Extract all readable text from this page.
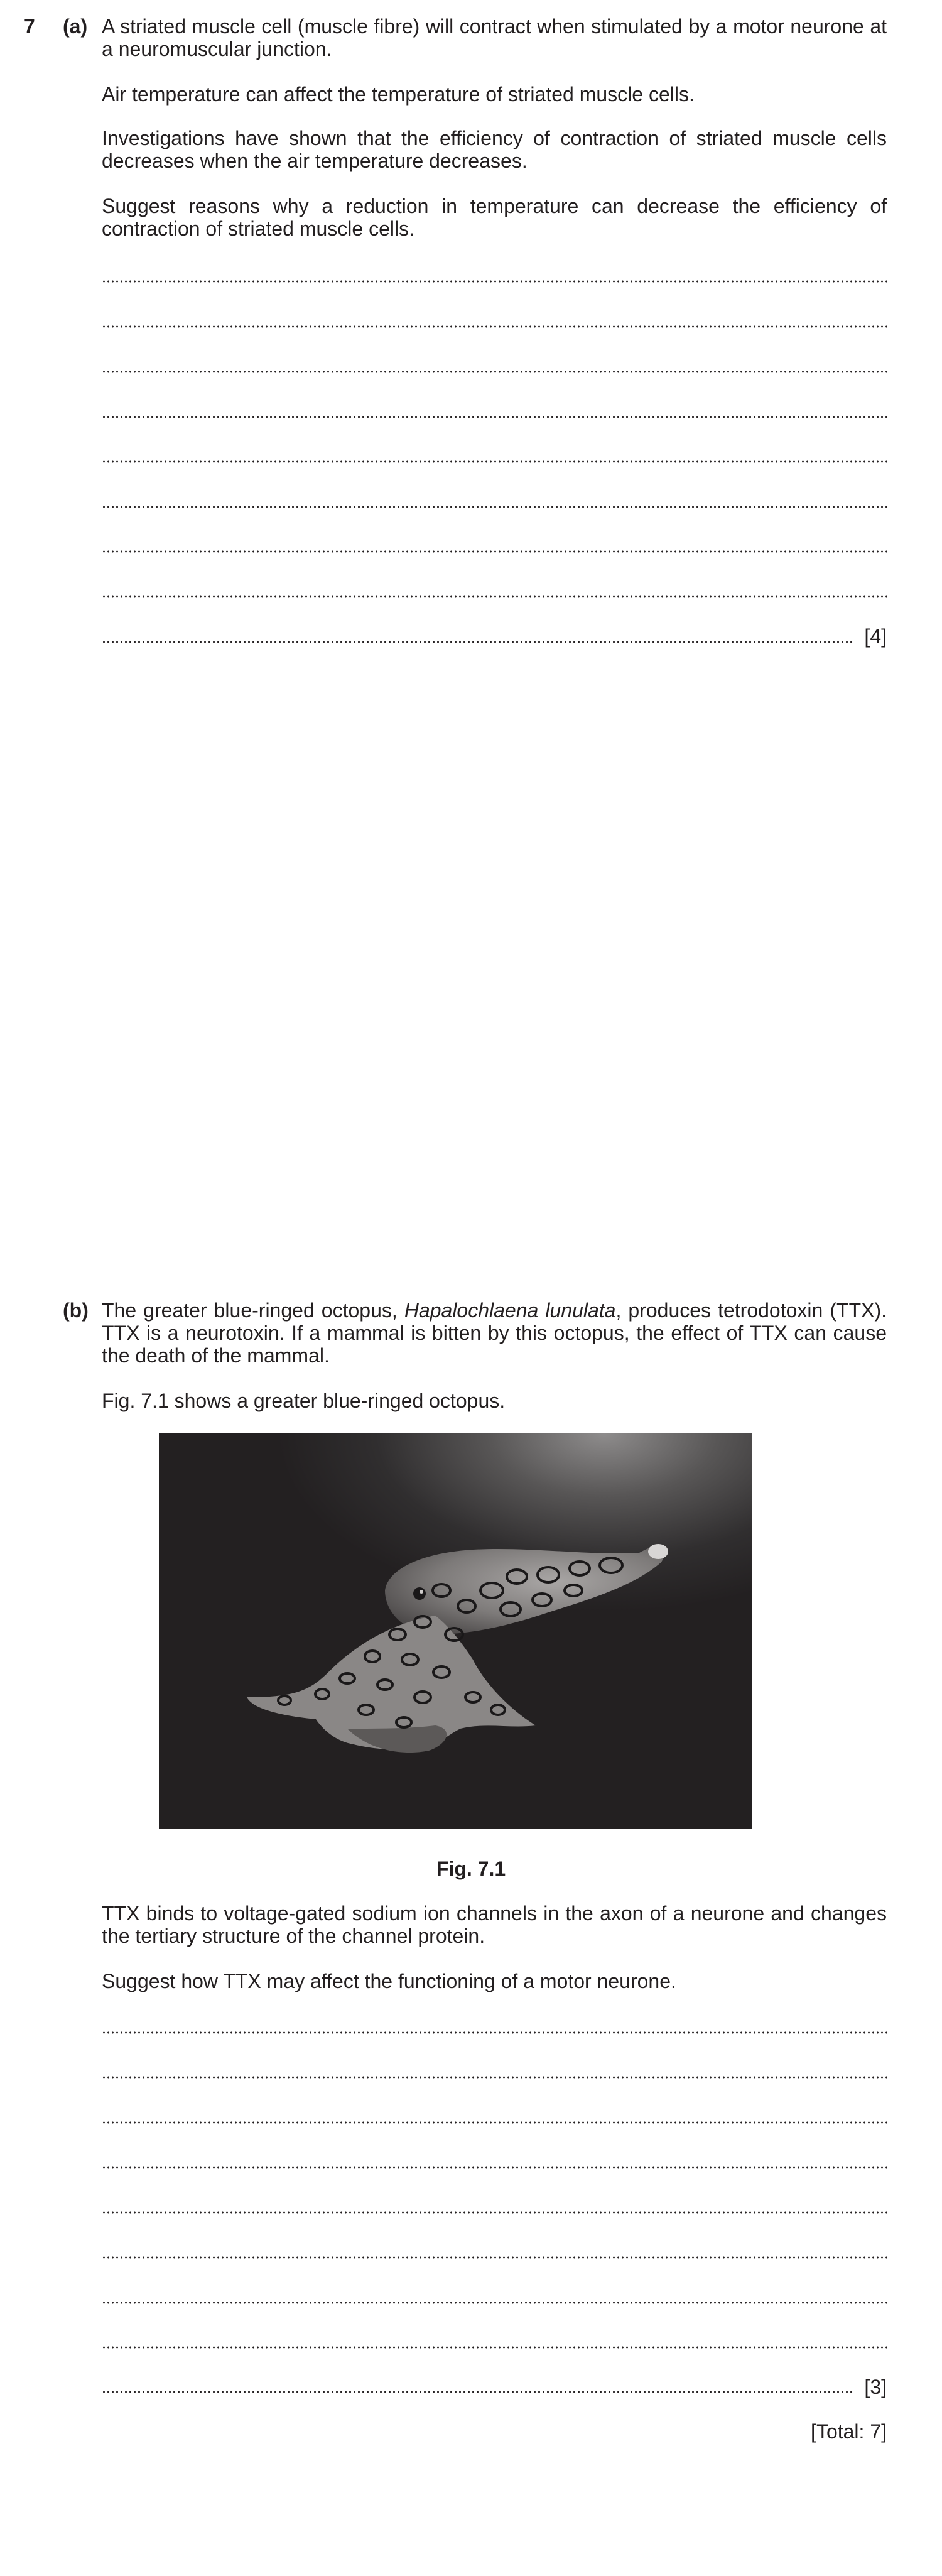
7 (a) A striated muscle cell (muscle fibre) will contract when stimulated by a motor neurone at a neuromuscular junction.

Air temperature can affect the temperature of striated muscle cells.

Investigations have shown that the efficiency of contraction of striated muscle cells decreases when the air temperature decreases.

Suggest reasons why a reduction in temperature can decrease the efficiency of contraction of striated muscle cells.

[4]
(b) The greater blue-ringed octopus, Hapalochlaena lunulata, produces tetrodotoxin (TTX). TTX is a neurotoxin. If a mammal is bitten by this octopus, the effect of TTX can cause the death of the mammal.

Fig. 7.1 shows a greater blue-ringed octopus.

Fig. 7.1

TTX binds to voltage-gated sodium ion channels in the axon of a neurone and changes the tertiary structure of the channel protein.

Suggest how TTX may affect the functioning of a motor neurone.

[3]
[Total: 7]
